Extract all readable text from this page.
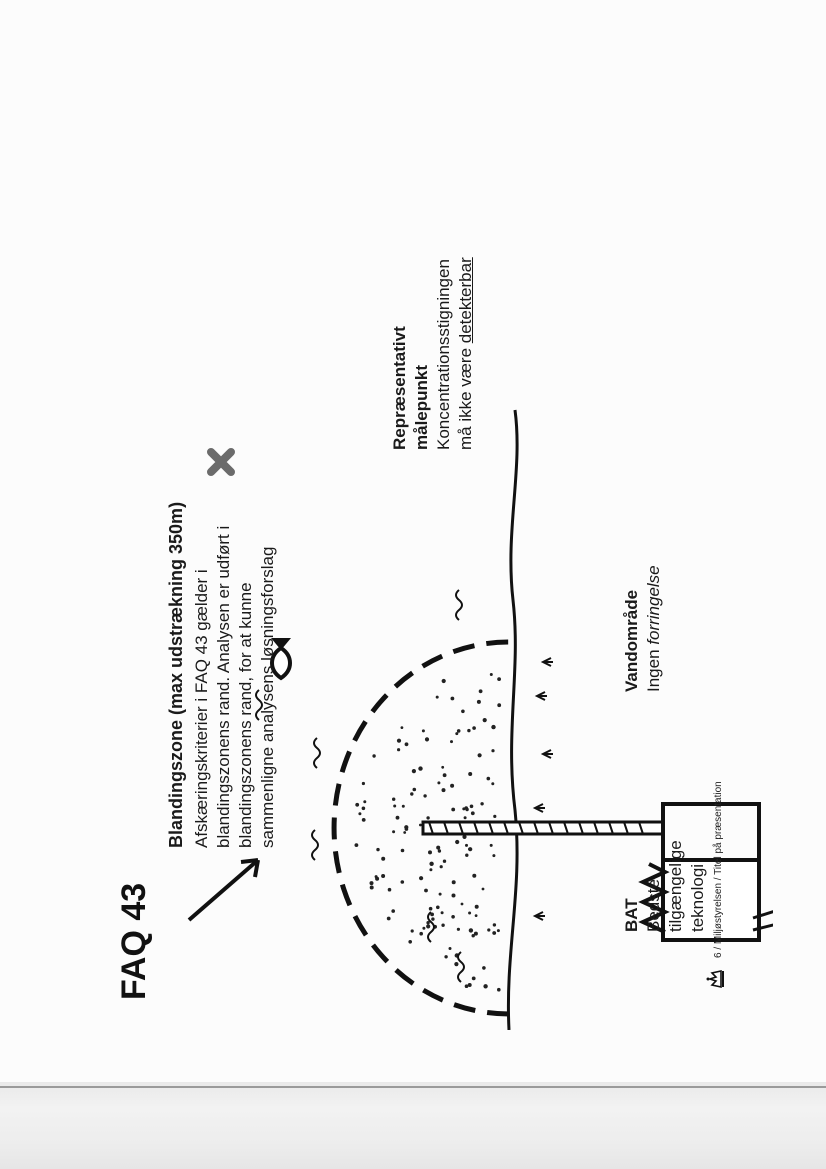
FAQ 43
Blandingszone (max udstrækning 350m) Afskæringskriterier i FAQ 43 gælder i blandingszonens rand. Analysen er udført i blandingszonens rand, for at kunne sammenligne analysens løsningsforslag
Repræsentativt målepunkt Koncentrationsstigningen må ikke være detekterbar
Vandområde Ingen forringelse
BAT Bedste tilgængelige teknologi 6 / Miljøstyrelsen / Titel på præsentation
